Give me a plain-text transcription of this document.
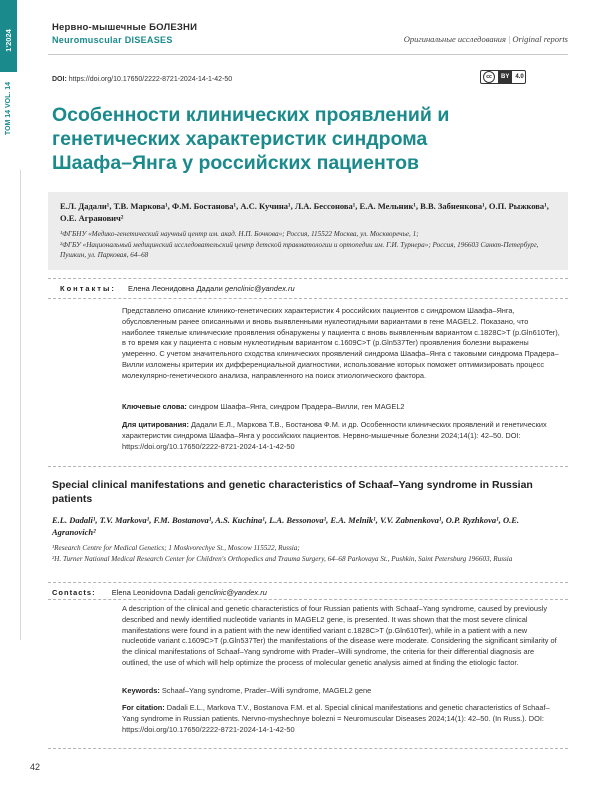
1'2024
TOM 14 VOL. 14
Нервно-мышечные БОЛЕЗНИ
Neuromuscular DISEASES	Оригинальные исследования | Original reports
DOI: https://doi.org/10.17650/2222-8721-2024-14-1-42-50	cc	BY	4.0
Особенности клинических проявлений и генетических характеристик синдрома Шаафа–Янга у российских пациентов
Е.Л. Дадали¹, Т.В. Маркова¹, Ф.М. Бостанова¹, А.С. Кучина¹, Л.А. Бессонова¹, Е.А. Мельник¹, В.В. Забненкова¹, О.П. Рыжкова¹, О.Е. Агранович²
¹ФГБНУ «Медико-генетический научный центр им. акад. Н.П. Бочкова»; Россия, 115522 Москва, ул. Москворечье, 1;
²ФГБУ «Национальный медицинский исследовательский центр детской травматологии и ортопедии им. Г.И. Турнера»; Россия, 196603 Санкт-Петербург, Пушкин, ул. Парковая, 64–68
Контакты: Елена Леонидовна Дадали genclinic@yandex.ru
Представлено описание клинико-генетических характеристик 4 российских пациентов с синдромом Шаафа–Янга, обусловленным ранее описанными и вновь выявленными нуклеотидными вариантами в гене MAGEL2. Показано, что наиболее тяжелые клинические проявления обнаружены у пациента с вновь выявленным вариантом с.1828C>T (p.Gln610Ter), в то время как у пациента с новым нуклеотидным вариантом с.1609C>T (p.Gln537Ter) проявления болезни выражены умеренно. С учетом значительного сходства клинических проявлений синдрома Шаафа–Янга с таковыми синдрома Прадера–Вилли изложены критерии их дифференциальной диагностики, использование которых поможет оптимизировать процесс молекулярно-генетического анализа, направленного на поиск этиологического фактора.
Ключевые слова: синдром Шаафа–Янга, синдром Прадера–Вилли, ген MAGEL2
Для цитирования: Дадали Е.Л., Маркова Т.В., Бостанова Ф.М. и др. Особенности клинических проявлений и генетических характеристик синдрома Шаафа–Янга у российских пациентов. Нервно-мышечные болезни 2024;14(1): 42–50. DOI: https://doi.org/10.17650/2222-8721-2024-14-1-42-50
Special clinical manifestations and genetic characteristics of Schaaf–Yang syndrome in Russian patients
E.L. Dadali¹, T.V. Markova¹, F.M. Bostanova¹, A.S. Kuchina¹, L.A. Bessonova¹, E.A. Melnik¹, V.V. Zabnenkova¹, O.P. Ryzhkova¹, O.E. Agranovich²
¹Research Centre for Medical Genetics; 1 Moskvorechye St., Moscow 115522, Russia;
²H. Turner National Medical Research Center for Children's Orthopedics and Trauma Surgery, 64–68 Parkovaya St., Pushkin, Saint Petersburg 196603, Russia
Contacts: Elena Leonidovna Dadali genclinic@yandex.ru
A description of the clinical and genetic characteristics of four Russian patients with Schaaf–Yang syndrome, caused by previously described and newly identified nucleotide variants in MAGEL2 gene, is presented. It was shown that the most severe clinical manifestations were found in a patient with the new identified variant c.1828C>T (p.Gln610Ter), while in a patient with a new nucleotide variant c.1609C>T (p.Gln537Ter) the manifestations of the disease were moderate. Considering the significant similarity of the clinical manifestations of Schaaf–Yang syndrome with Prader–Willi syndrome, the criteria for their differential diagnosis are outlined, the use of which will help optimize the process of molecular genetic analysis aimed at finding the etiologic factor.
Keywords: Schaaf–Yang syndrome, Prader–Willi syndrome, MAGEL2 gene
For citation: Dadali E.L., Markova T.V., Bostanova F.M. et al. Special clinical manifestations and genetic characteristics of Schaaf–Yang syndrome in Russian patients. Nervno-myshechnye bolezni = Neuromuscular Diseases 2024;14(1): 42–50. (In Russ.). DOI: https://doi.org/10.17650/2222-8721-2024-14-1-42-50
42
